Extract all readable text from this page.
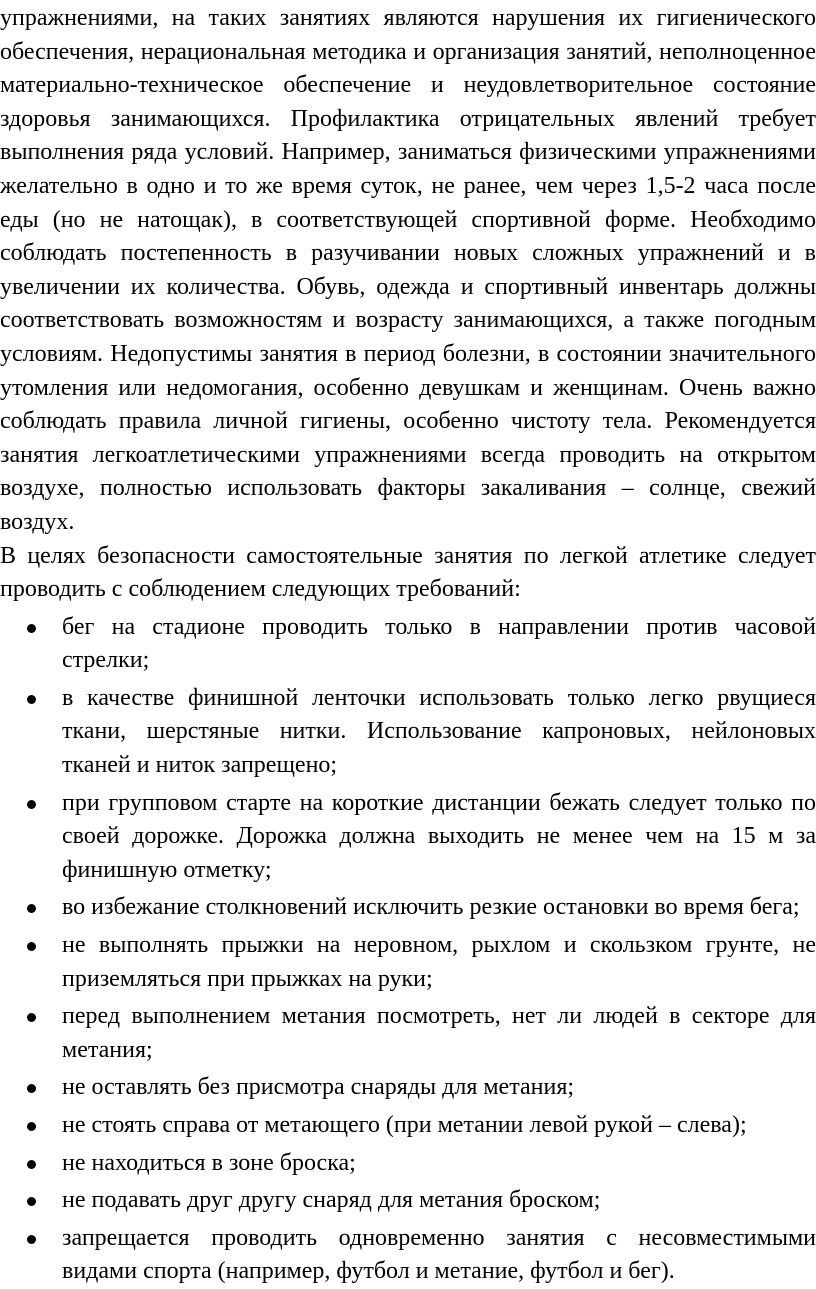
упражнениями, на таких занятиях являются нарушения их гигиенического обеспечения, нерациональная методика и организация занятий, неполноценное материально-техническое обеспечение и неудовлетворительное состояние здоровья занимающихся. Профилактика отрицательных явлений требует выполнения ряда условий. Например, заниматься физическими упражнениями желательно в одно и то же время суток, не ранее, чем через 1,5-2 часа после еды (но не натощак), в соответствующей спортивной форме. Необходимо соблюдать постепенность в разучивании новых сложных упражнений и в увеличении их количества. Обувь, одежда и спортивный инвентарь должны соответствовать возможностям и возрасту занимающихся, а также погодным условиям. Недопустимы занятия в период болезни, в состоянии значительного утомления или недомогания, особенно девушкам и женщинам. Очень важно соблюдать правила личной гигиены, особенно чистоту тела. Рекомендуется занятия легкоатлетическими упражнениями всегда проводить на открытом воздухе, полностью использовать факторы закаливания – солнце, свежий воздух.

В целях безопасности самостоятельные занятия по легкой атлетике следует проводить с соблюдением следующих требований:

бег на стадионе проводить только в направлении против часовой стрелки;
в качестве финишной ленточки использовать только легко рвущиеся ткани, шерстяные нитки. Использование капроновых, нейлоновых тканей и ниток запрещено;
при групповом старте на короткие дистанции бежать следует только по своей дорожке. Дорожка должна выходить не менее чем на 15 м за финишную отметку;
во избежание столкновений исключить резкие остановки во время бега;
не выполнять прыжки на неровном, рыхлом и скользком грунте, не приземляться при прыжках на руки;
перед выполнением метания посмотреть, нет ли людей в секторе для метания;
не оставлять без присмотра снаряды для метания;
не стоять справа от метающего (при метании левой рукой – слева);
не находиться в зоне броска;
не подавать друг другу снаряд для метания броском;
запрещается проводить одновременно занятия с несовместимыми видами спорта (например, футбол и метание, футбол и бег).
